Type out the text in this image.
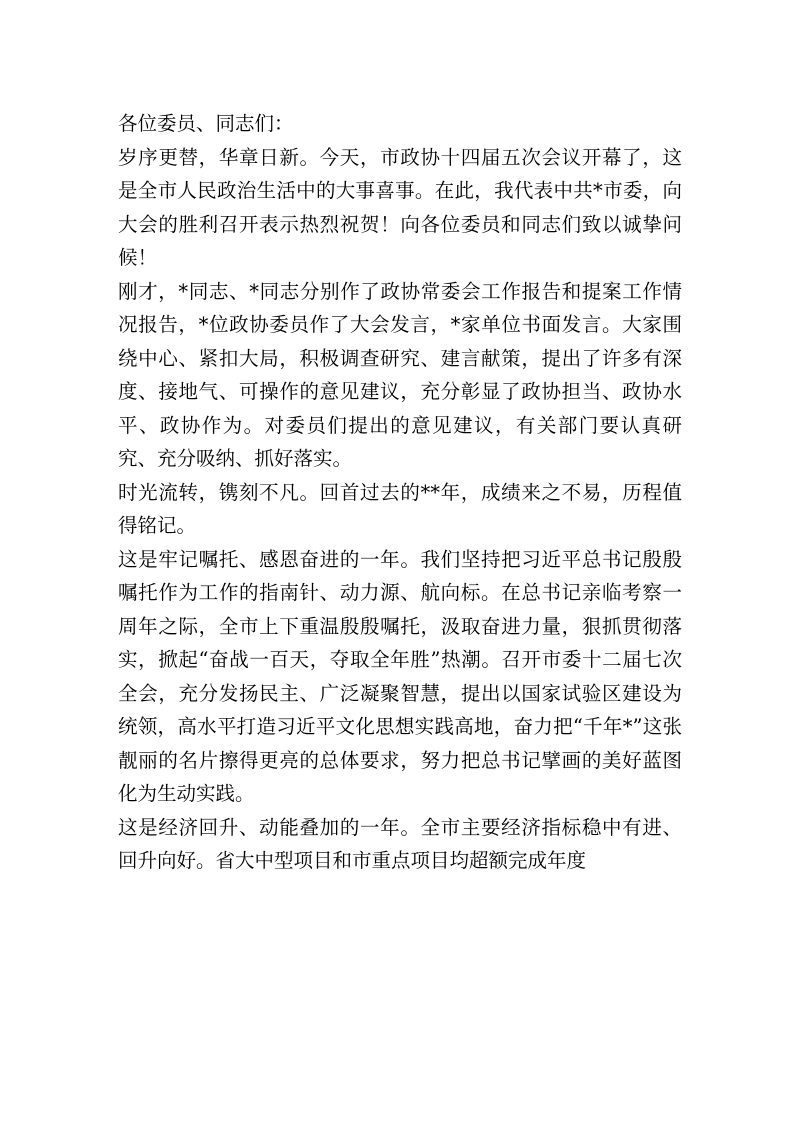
各位委员、同志们：

岁序更替，华章日新。今天，市政协十四届五次会议开幕了，这是全市人民政治生活中的大事喜事。在此，我代表中共*市委，向大会的胜利召开表示热烈祝贺！向各位委员和同志们致以诚挚问候！

刚才，*同志、*同志分别作了政协常委会工作报告和提案工作情况报告，*位政协委员作了大会发言，*家单位书面发言。大家围绕中心、紧扣大局，积极调查研究、建言献策，提出了许多有深度、接地气、可操作的意见建议，充分彰显了政协担当、政协水平、政协作为。对委员们提出的意见建议，有关部门要认真研究、充分吸纳、抓好落实。

时光流转，镌刻不凡。回首过去的**年，成绩来之不易，历程值得铭记。

这是牢记嘱托、感恩奋进的一年。我们坚持把习近平总书记殷殷嘱托作为工作的指南针、动力源、航向标。在总书记亲临考察一周年之际，全市上下重温殷殷嘱托，汲取奋进力量，狠抓贯彻落实，掀起“奋战一百天，夺取全年胜”热潮。召开市委十二届七次全会，充分发扬民主、广泛凝聚智慧，提出以国家试验区建设为统领，高水平打造习近平文化思想实践高地，奋力把“千年*”这张靓丽的名片擦得更亮的总体要求，努力把总书记擘画的美好蓝图化为生动实践。

这是经济回升、动能叠加的一年。全市主要经济指标稳中有进、回升向好。省大中型项目和市重点项目均超额完成年度
